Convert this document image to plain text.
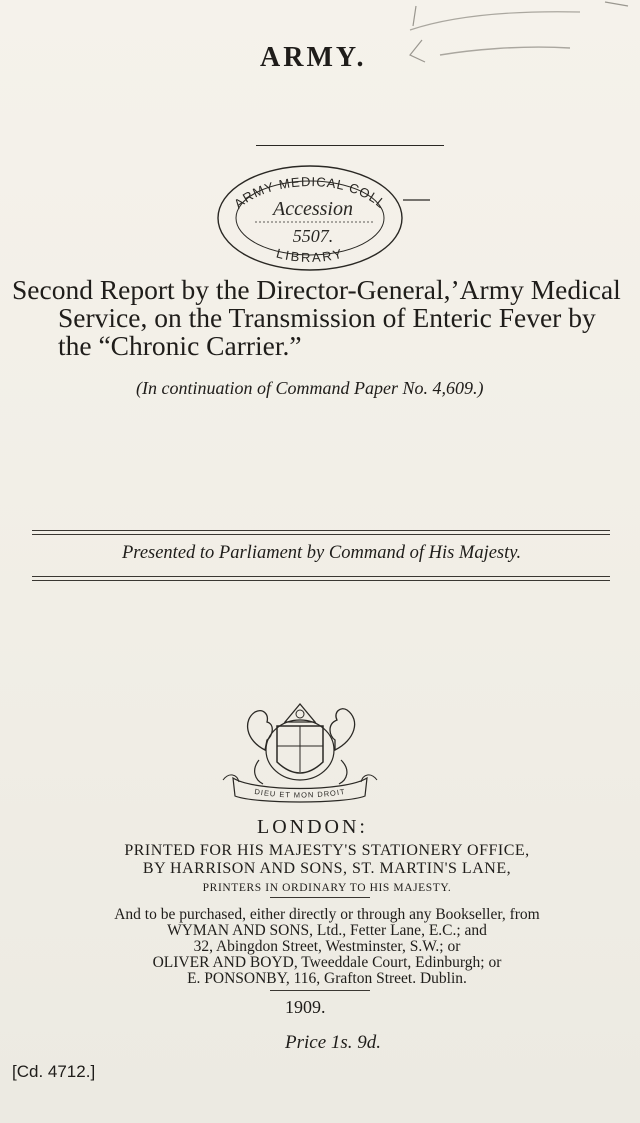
ARMY.
ARMY MEDICAL COLL
LIBRARY
Accession
5507.
Second Report by the Director-General,’Army Medical
Service, on the Transmission of Enteric Fever by
the “Chronic Carrier.”
(In continuation of Command Paper No. 4,609.)
Presented to Parliament by Command of His Majesty.
DIEU ET MON DROIT
LONDON:
PRINTED FOR HIS MAJESTY'S STATIONERY OFFICE,
BY HARRISON AND SONS, ST. MARTIN'S LANE,
PRINTERS IN ORDINARY TO HIS MAJESTY.
And to be purchased, either directly or through any Bookseller, from
WYMAN AND SONS, Ltd., Fetter Lane, E.C.; and
32, Abingdon Street, Westminster, S.W.; or
OLIVER AND BOYD, Tweeddale Court, Edinburgh; or
E. PONSONBY, 116, Grafton Street. Dublin.
1909.
Price 1s. 9d.
[Cd. 4712.]
